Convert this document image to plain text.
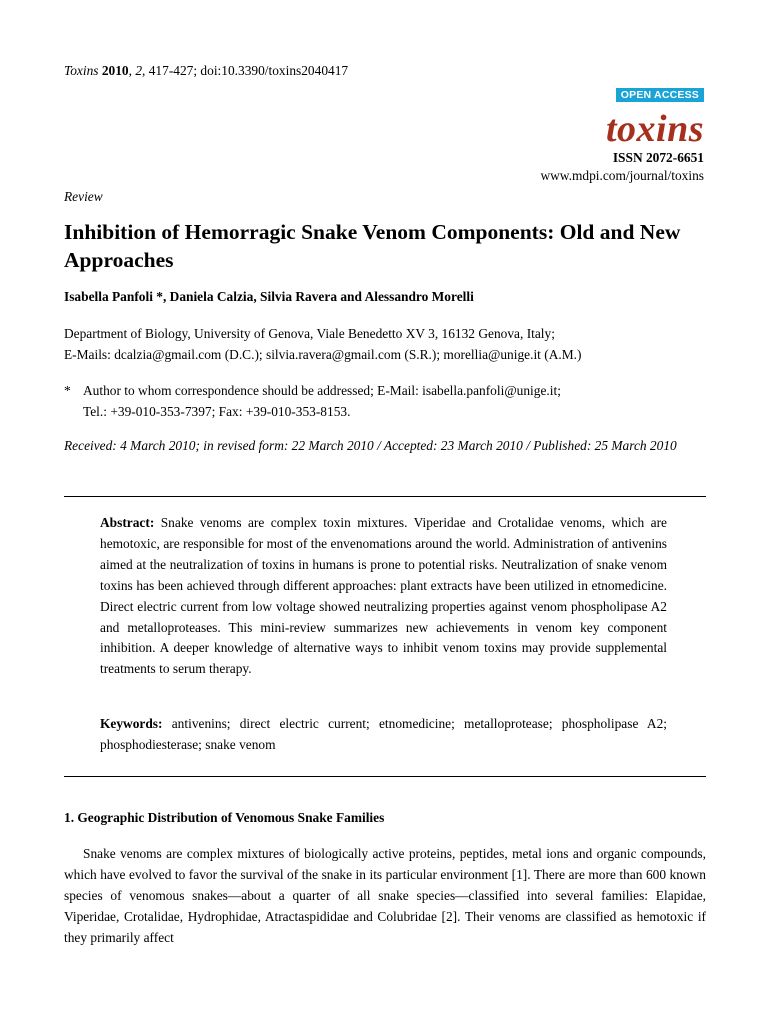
Toxins 2010, 2, 417-427; doi:10.3390/toxins2040417
OPEN ACCESS
toxins
ISSN 2072-6651
www.mdpi.com/journal/toxins
Review
Inhibition of Hemorragic Snake Venom Components: Old and New Approaches
Isabella Panfoli *, Daniela Calzia, Silvia Ravera and Alessandro Morelli
Department of Biology, University of Genova, Viale Benedetto XV 3, 16132 Genova, Italy;
E-Mails: dcalzia@gmail.com (D.C.); silvia.ravera@gmail.com (S.R.); morellia@unige.it (A.M.)
* Author to whom correspondence should be addressed; E-Mail: isabella.panfoli@unige.it;
Tel.: +39-010-353-7397; Fax: +39-010-353-8153.
Received: 4 March 2010; in revised form: 22 March 2010 / Accepted: 23 March 2010 / Published: 25 March 2010

Abstract: Snake venoms are complex toxin mixtures. Viperidae and Crotalidae venoms, which are hemotoxic, are responsible for most of the envenomations around the world. Administration of antivenins aimed at the neutralization of toxins in humans is prone to potential risks. Neutralization of snake venom toxins has been achieved through different approaches: plant extracts have been utilized in etnomedicine. Direct electric current from low voltage showed neutralizing properties against venom phospholipase A2 and metalloproteases. This mini-review summarizes new achievements in venom key component inhibition. A deeper knowledge of alternative ways to inhibit venom toxins may provide supplemental treatments to serum therapy.

Keywords: antivenins; direct electric current; etnomedicine; metalloprotease; phospholipase A2; phosphodiesterase; snake venom

1. Geographic Distribution of Venomous Snake Families

Snake venoms are complex mixtures of biologically active proteins, peptides, metal ions and organic compounds, which have evolved to favor the survival of the snake in its particular environment [1]. There are more than 600 known species of venomous snakes—about a quarter of all snake species—classified into several families: Elapidae, Viperidae, Crotalidae, Hydrophidae, Atractaspididae and Colubridae [2]. Their venoms are classified as hemotoxic if they primarily affect
